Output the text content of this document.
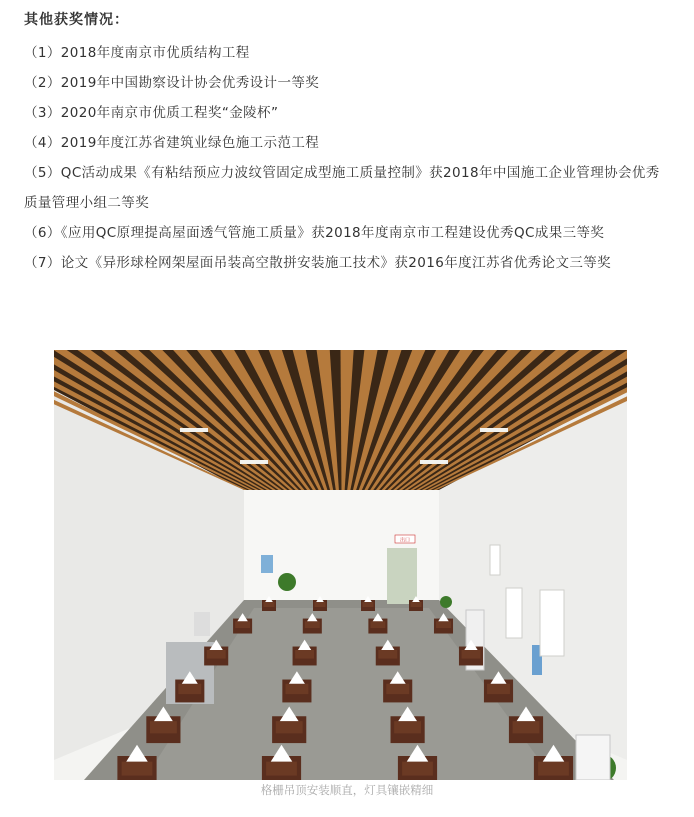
其他获奖情况：

（1）2018年度南京市优质结构工程

（2）2019年中国勘察设计协会优秀设计一等奖

（3）2020年南京市优质工程奖“金陵杯”

（4）2019年度江苏省建筑业绿色施工示范工程

（5）QC活动成果《有粘结预应力波纹管固定成型施工质量控制》获2018年中国施工企业管理协会优秀质量管理小组二等奖

（6）《应用QC原理提高屋面透气管施工质量》获2018年度南京市工程建设优秀QC成果三等奖

（7）论文《异形球栓网架屋面吊装高空散拼安装施工技术》获2016年度江苏省优秀论文三等奖

出口
格栅吊顶安装顺直，灯具镶嵌精细
